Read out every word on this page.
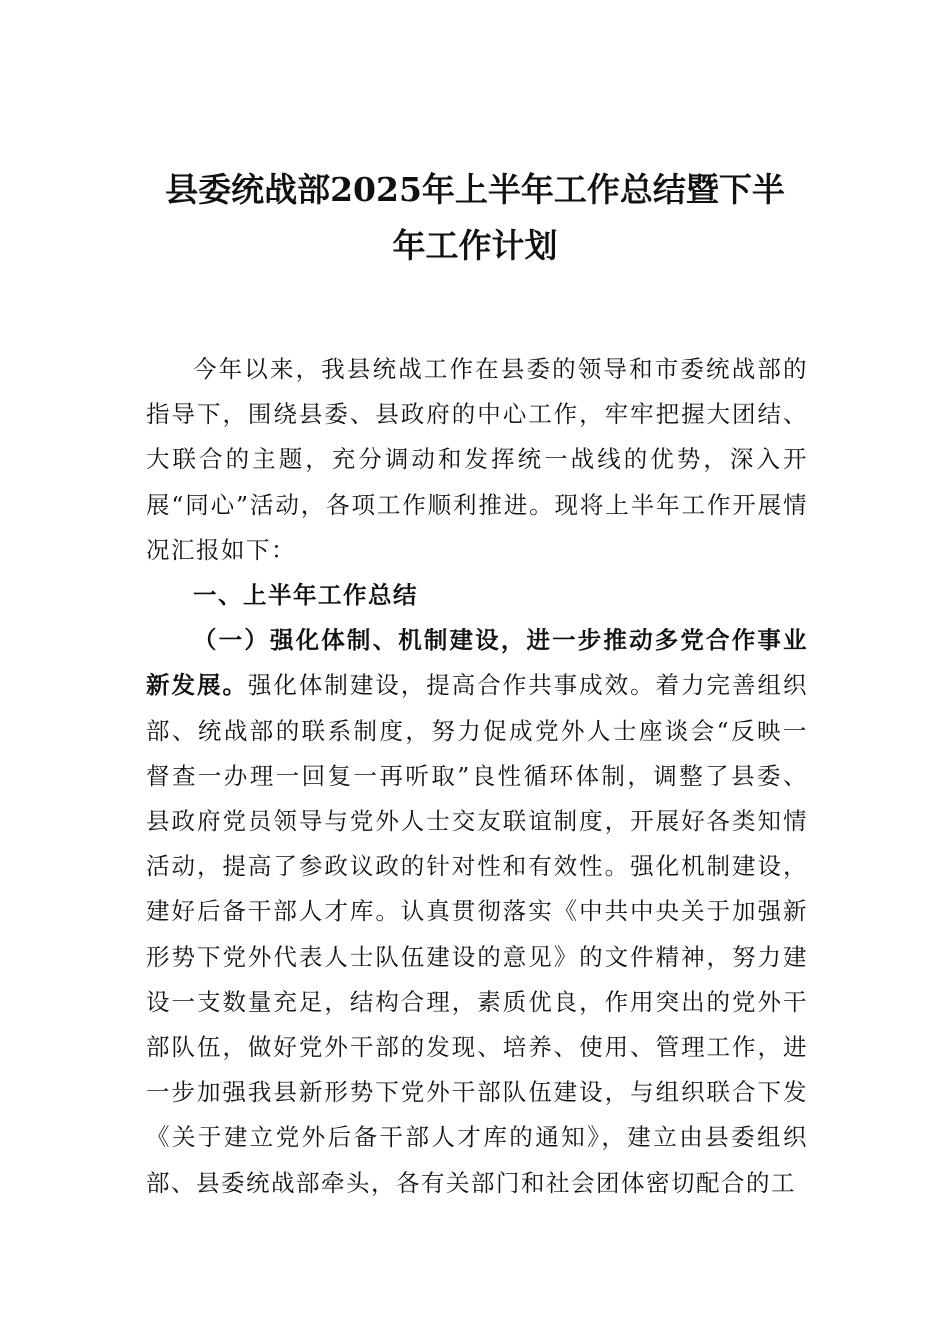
县委统战部2025年上半年工作总结暨下半
年工作计划

今年以来，我县统战工作在县委的领导和市委统战部的指导下，围绕县委、县政府的中心工作，牢牢把握大团结、大联合的主题，充分调动和发挥统一战线的优势，深入开展“同心”活动，各项工作顺利推进。现将上半年工作开展情况汇报如下：

一、上半年工作总结

（一）强化体制、机制建设，进一步推动多党合作事业新发展。强化体制建设，提高合作共事成效。着力完善组织部、统战部的联系制度，努力促成党外人士座谈会“反映一督查一办理一回复一再听取”良性循环体制，调整了县委、县政府党员领导与党外人士交友联谊制度，开展好各类知情活动，提高了参政议政的针对性和有效性。强化机制建设，建好后备干部人才库。认真贯彻落实《中共中央关于加强新形势下党外代表人士队伍建设的意见》的文件精神，努力建设一支数量充足，结构合理，素质优良，作用突出的党外干部队伍，做好党外干部的发现、培养、使用、管理工作，进一步加强我县新形势下党外干部队伍建设，与组织联合下发《关于建立党外后备干部人才库的通知》，建立由县委组织部、县委统战部牵头，各有关部门和社会团体密切配合的工
